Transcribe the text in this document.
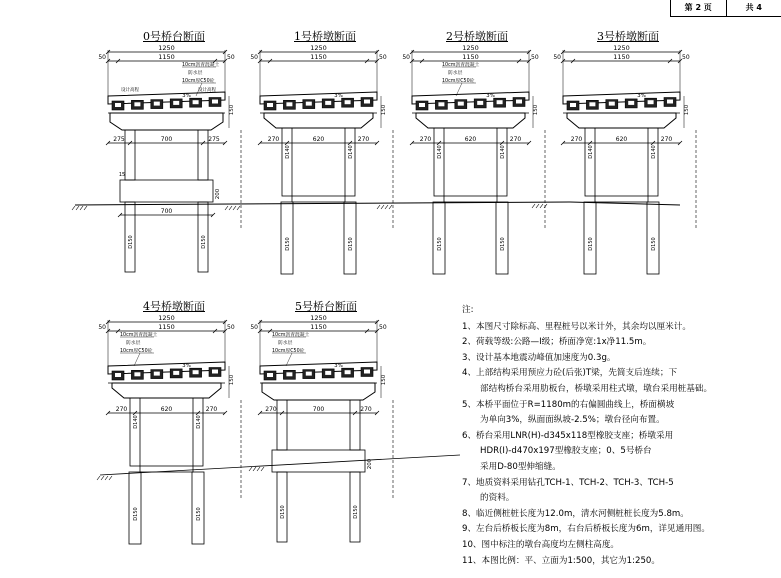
第 2 页	共 4
0号桥台断面	1号桥墩断面	2号桥墩断面	3号桥墩断面
4号桥墩断面	5号桥台断面
1250
1150
50	50
10cm沥青混凝土
防水层
10cm厚C50砼
3%
设计高程	设计高程
150
275	700	275
200
700
15
D150	D150
1250
1150
50	50
3%
150
270	620	270
D140	D140
D150	D150
1250
1150
50	50
10cm沥青混凝土
防水层
10cm厚C50砼
3%
150
270	620	270
D140	D140
D150	D150
1250
1150
50	50
3%
150
270	620	270
D140	D140
D150	D150
1250
1150
50	50
10cm沥青混凝土
防水层
10cm厚C50砼
3%
150
270	620	270
D140	D140
D150	D150
1250
1150
50	50
10cm沥青混凝土
防水层
10cm厚C50砼
3%
150
270	700	270
200
D150	D150
注:
1、本图尺寸除标高、里程桩号以米计外，其余均以厘米计。
2、荷载等级:公路—Ⅰ级；桥面净宽:1x净11.5m。
3、设计基本地震动峰值加速度为0.3g。
4、上部结构采用预应力砼(后张)T梁，先简支后连续；下
部结构桥台采用肋板台，桥墩采用柱式墩，墩台采用桩基础。
5、本桥平面位于R=1180m的右偏圆曲线上，桥面横坡
为单向3%，纵面面纵坡-2.5%；墩台径向布置。
6、桥台采用LNR(H)-d345x118型橡胶支座；桥墩采用
HDR(I)-d470x197型橡胶支座；0、5号桥台
采用D-80型伸缩缝。
7、地质资料采用钻孔TCH-1、TCH-2、TCH-3、TCH-5
的资料。
8、临近侧桩桩长度为12.0m，清水河侧桩桩长度为5.8m。
9、左台后桥板长度为8m，右台后桥板长度为6m，详见通用图。
10、图中标注的墩台高度均左侧柱高度。
11、本图比例：平、立面为1:500，其它为1:250。
